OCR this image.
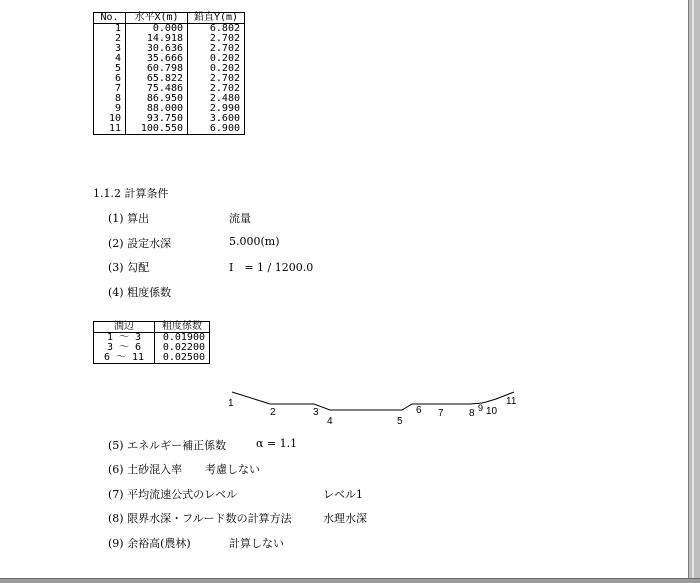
No.	水平X(m)	鉛直Y(m)
1	0.000	6.802
2	14.918	2.702
3	30.636	2.702
4	35.666	0.202
5	60.798	0.202
6	65.822	2.702
7	75.486	2.702
8	86.950	2.480
9	88.000	2.990
10	93.750	3.600
11	100.550	6.900
1.1.2 計算条件
(1) 算出	流量
(2) 設定水深	5.000(m)
(3) 勾配	I　= 1 / 1200.0
(4) 粗度係数
潤辺	粗度係数
1 ～ 3	0.01900
3 ～ 6	0.02200
6 ～ 11	0.02500
1
2	3
4	5
6 7	8 9 10
11
(5) エネルギー補正係数	α = 1.1
(6) 土砂混入率 考慮しない
(7) 平均流速公式のレベル	レベル1
(8) 限界水深・フルード数の計算方法	水理水深
(9) 余裕高(農林)	計算しない
